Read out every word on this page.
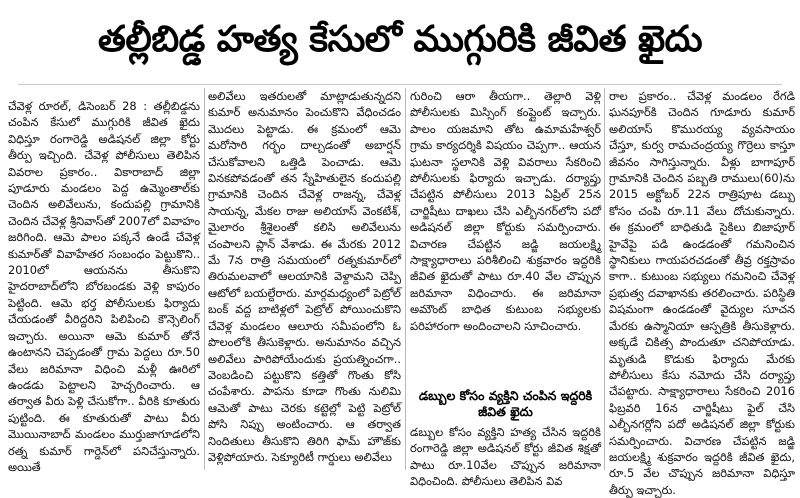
తల్లీబిడ్డ హత్య కేసులో ముగ్గురికి జీవిత ఖైదు

చేవెళ్ల రూరల్‌, డిసెంబర్‌ 28 : తల్లీబిడ్డను చంపిన కేసులో ముగ్గురికి జీవిత ఖైదు విధిస్తూ రంగారెడ్డి అడిషనల్‌ జిల్లా కోర్టు తీర్పు ఇచ్చింది. చేవెళ్ల పోలీసులు తెలిపిన వివరాల ప్రకారం.. వికారాబాద్‌ జిల్లా పూడూరు మండలం పెద్ద ఉమ్మెంతాల్‌కు చెందిన అలివేలును, కందుపల్లి గ్రామానికి చెందిన చేవెళ్ల శ్రీనివాస్‌తో 2007లో వివాహం జరిగింది. ఆమె పాలం పక్కనే ఉండే చేవెళ్ల కుమార్‌తో వివాహేతర సంబంధం పెట్టుకొని.. 2010లో ఆయనను తీసుకొని హైదరాబాద్‌లోని బోరబండకు వెళ్లి కాపురం పెట్టింది. ఆమె భర్త పోలీసులకు ఫిర్యాదు చేయడంతో వీరిద్దరిని పిలిపించి కౌన్సెలింగ్‌ ఇచ్చారు. అయినా ఆమె కుమార్‌ తోనే ఉంటానని చెప్పడంతో గ్రామ పెద్దలు రూ.50 వేలు జరిమానా విధించి మళ్లీ ఊరిలో ఉండడు పెట్టాలని హెచ్చరించారు. ఆ తర్వాత వీరు పెళ్లి చేసుకోగా.. వీరికి కూతురు పుట్టింది. ఈ కూతురుతో పాటు వీరు మొయినాబాద్‌ మండలం ముర్తుజాగూడలోని రత్న కుమార్‌ గార్డెన్‌లో పనిచేస్తున్నారు. అయితే

అలివేలు ఇతరులతో మాట్లాడుతున్నదని కుమార్‌ అనుమానం పెంచుకొని వేధించడం మొదలు పెట్టాడు. ఈ క్రమంలో ఆమె మరోసారి గర్భం దాల్చడంతో అబార్షన్‌ చేసుకోవాలని ఒత్తిడి పెంచాడు. ఆమె వినకపోవడంతో తన స్నేహితులైన కందుపల్లి గ్రామానికి చెందిన చేవెళ్ల రాజన్న, చేవెళ్ల సాయన్న, మేకల రాజు అలియాస్‌ వెంకటేశ్‌, మైలారం శ్రీశైలంతో కలిసి అలివేలును చంపాలని ప్లాన్‌ వేశాడు. ఈ మేరకు 2012 మే 7న రాత్రి సమయంలో రత్నకుమార్‌లో తిరుమలవాలో ఆలయానికి వెళ్దామని చెప్పి ఆటోలో బయల్దేరారు. మార్గమధ్యంలో పెట్రోల్‌ బంక్‌ వద్ద బాటిళ్లలో పెట్రోల్‌ పోయించుకొని చేవెళ్ల మండలం ఆలూరు సమీపంలోని ఓ పొలంలోకి తీసుకెళ్లారు. అనుమానం వచ్చిన అలివేలు పారిపోయేందుకు ప్రయత్నించగా.. వెంబడించి పట్టుకొని కత్తితో గొంతు కోసి చంపేశారు. పాపను కూడా గొంతు నులిమి ఆమెతో పాటు చెరకు కట్టెల్లో పెట్టి పెట్రోల్‌ పోసి నిప్పు అంటించారు. ఆ తర్వాత నిందితులు తీసుకొని తిరిగి ఫామ్‌ హౌజ్‌కు వెళ్లిపోయారు. సెక్యూరిటీ గార్డులు అలివేలు

గురించి ఆరా తీయగా.. తెల్లారి వెళ్లి పోలీసులకు మిస్సింగ్‌ కంప్లైంట్‌ ఇచ్చారు. పాలం యజమాని తోట ఉమామహేశ్వర్‌ గ్రామ కార్యదర్శికి విషయం చెప్పగా.. ఆయన ఘటనా స్థలానికి వెళ్లి వివరాలు సేకరించి పోలీసులకు ఫిర్యాదు ఇచ్చాడు. దర్యాప్తు చేపట్టిన పోలీసులు 2013 ఏప్రిల్‌ 25న చార్జిషీటు దాఖలు చేసి ఎల్బీనగర్‌లోని పదో అడిషనల్‌ జిల్లా కోర్టుకు సమర్పించారు. విచారణ చేపట్టిన జడ్జి జయలక్ష్మి సాక్ష్యాధారాలు పరిశీలించి శుక్రవారం ఇద్దరికి జీవిత ఖైదుతో పాటు రూ.40 వేల చొప్పున జరిమానా విధించారు. ఈ జరిమానా అమౌంట్‌ బాధిత కుటుంబ సభ్యులకు పరిహారంగా అందించాలని సూచించారు.

డబ్బుల కోసం వ్యక్తిని చంపిన ఇద్దరికి జీవిత ఖైదు

డబ్బుల కోసం వ్యక్తిని హత్య చేసిన ఇద్దరికి రంగారెడ్డి జిల్లా అడిషనల్‌ కోర్టు జీవిత శిక్షతో పాటు రూ.10వేల చొప్పున జరిమానా విధించింది. పోలీసులు తెలిపిన వివ

రాల ప్రకారం.. చేవెళ్ల మండలం రేగడి ఘనపూర్‌కి చెందిన గూడూరు కుమార్‌ అలియాస్‌ కొమురయ్య వ్యవసాయం చేస్తూ, కుర్వ రామచంద్రయ్య గొర్రెలు కాస్తూ జీవనం సాగిస్తున్నారు. వీళ్లు బాగాపూర్‌ గ్రామానికి చెందిన పబ్బతి రాములు(60)ను 2015 అక్టోబర్‌ 22న రాత్రిపూట డబ్బు కోసం చంపి రూ.11 వేలు దోచుకున్నారు. ఈ క్రమంలో బాధితుడి సైకిలు బిజాపూర్‌ హైవేపై పడి ఉండడంతో గమనించిన స్థానికులు గాయపరచడంతో తీవ్ర రక్తస్రావం కాగా.. కుటుంబ సభ్యులు గమనించి చేవెళ్ల ప్రభుత్వ దవాఖానకు తరలించారు. పరిస్థితి విషమంగా ఉండడంతో వైద్యుల సూచన మేరకు ఉస్మానియా ఆస్పత్రికి తీసుకెళ్లారు. అక్కడే చికిత్స పొందుతూ చనిపోయాడు. మృతుడి కొడుకు ఫిర్యాదు మేరకు పోలీసులు కేసు నమోదు చేసి దర్యాప్తు చేపట్టారు. సాక్ష్యాధారాలు సేకరించి 2016 ఫిబ్రవరి 16న చార్జిషీటు ఫైల్‌ చేసి ఎల్బీనగర్లోని పదో అడిషనల్‌ జిల్లా కోర్టుకు సమర్పించారు. విచారణ చేపట్టిన జడ్జి జయలక్ష్మి శుక్రవారం ఇద్దరికి జీవిత ఖైదు, రూ.5 వేల చొప్పున జరిమానా విధిస్తూ తీర్పు ఇచ్చారు.
